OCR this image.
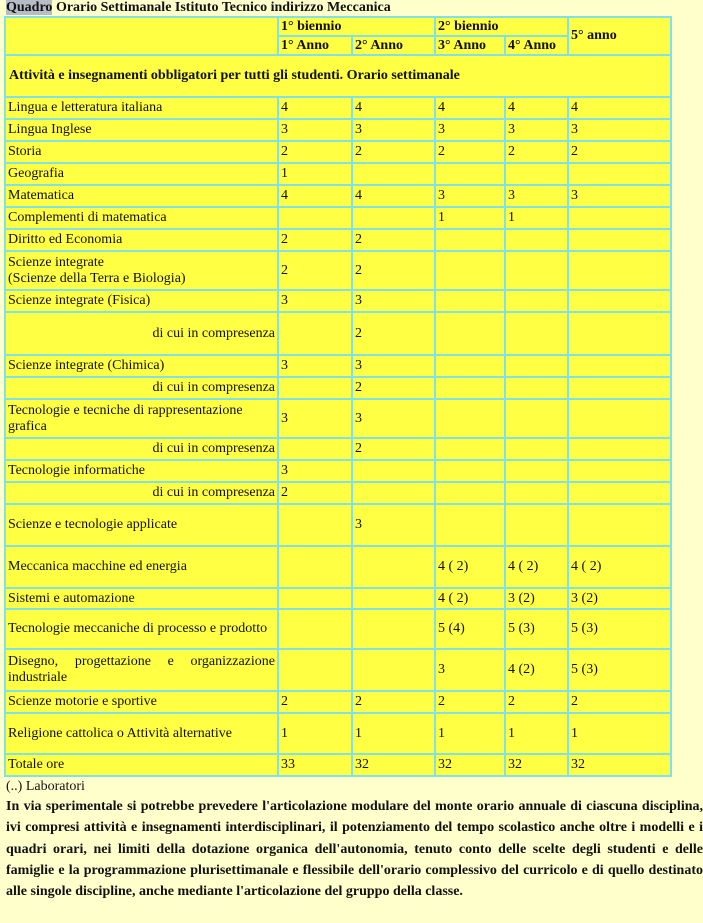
Quadro Orario Settimanale Istituto Tecnico indirizzo Meccanica
	1° biennio		2° biennio		5° anno
	1° Anno	2° Anno	3° Anno	4° Anno	
Attività e insegnamenti obbligatori per tutti gli studenti. Orario settimanale					
Lingua e letteratura italiana	4	4	4	4	4
Lingua Inglese	3	3	3	3	3
Storia	2	2	2	2	2
Geografia	1				
Matematica	4	4	3	3	3
Complementi di matematica			1	1	
Diritto ed Economia	2	2			
Scienze integrate
(Scienze della Terra e Biologia)	2	2			
Scienze integrate (Fisica)	3	3			
di cui in compresenza		2			
Scienze integrate (Chimica)	3	3			
di cui in compresenza		2			
Tecnologie e tecniche di rappresentazione grafica	3	3			
di cui in compresenza		2			
Tecnologie informatiche	3				
di cui in compresenza	2				
Scienze e tecnologie applicate		3			
Meccanica macchine ed energia			4 ( 2)	4 ( 2)	4 ( 2)
Sistemi e automazione			4 ( 2)	3 (2)	3 (2)
Tecnologie meccaniche di processo e prodotto			5 (4)	5 (3)	5 (3)
Disegno, progettazione e organizzazione industriale			3	4 (2)	5 (3)
Scienze motorie e sportive	2	2	2	2	2
Religione cattolica o Attività alternative	1	1	1	1	1
Totale ore	33	32	32	32	32
(..) Laboratori
In via sperimentale si potrebbe prevedere l'articolazione modulare del monte orario annuale di ciascuna disciplina, ivi compresi attività e insegnamenti interdisciplinari, il potenziamento del tempo scolastico anche oltre i modelli e i quadri orari, nei limiti della dotazione organica dell'autonomia, tenuto conto delle scelte degli studenti e delle famiglie e la programmazione plurisettimanale e flessibile dell'orario complessivo del curricolo e di quello destinato alle singole discipline, anche mediante l'articolazione del gruppo della classe.
